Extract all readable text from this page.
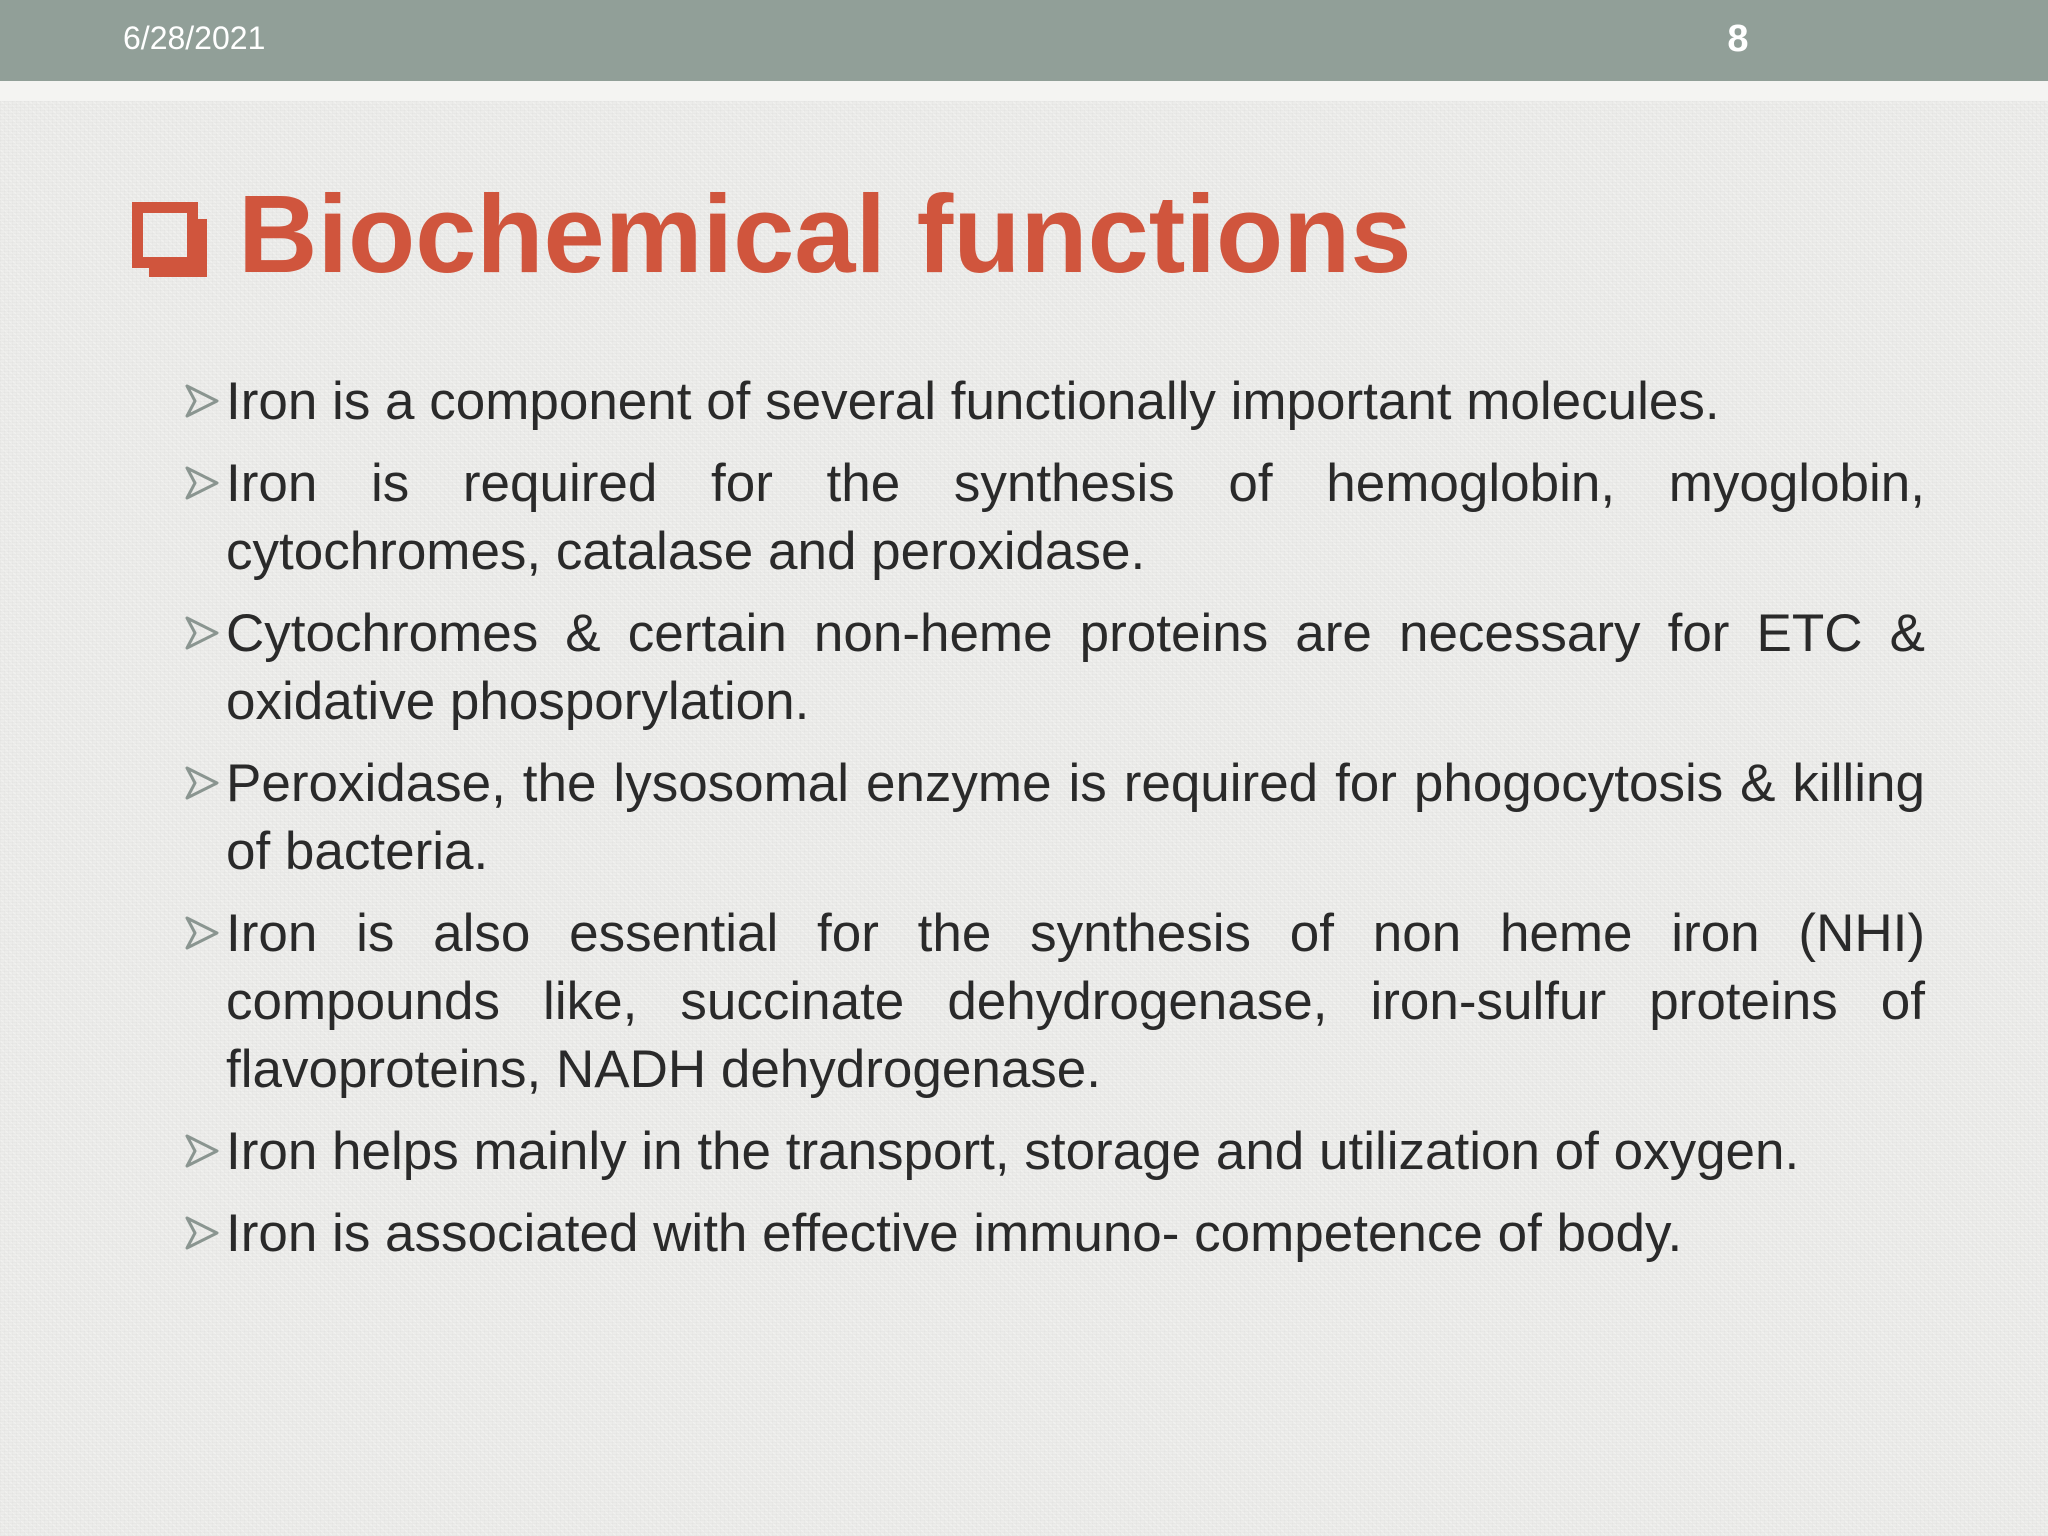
6/28/2021	8
Biochemical functions
Iron is a component of several functionally important molecules.
Iron is required for the synthesis of hemoglobin, myoglobin, cytochromes, catalase and peroxidase.
Cytochromes & certain non-heme proteins are necessary for ETC & oxidative phosporylation.
Peroxidase, the lysosomal enzyme is required for phogocytosis & killing of bacteria.
Iron is also essential for the synthesis of non heme iron (NHI) compounds like, succinate dehydrogenase, iron-sulfur proteins of flavoproteins, NADH dehydrogenase.
Iron helps mainly in the transport, storage and utilization of oxygen.
Iron is associated with effective immuno- competence of body.
